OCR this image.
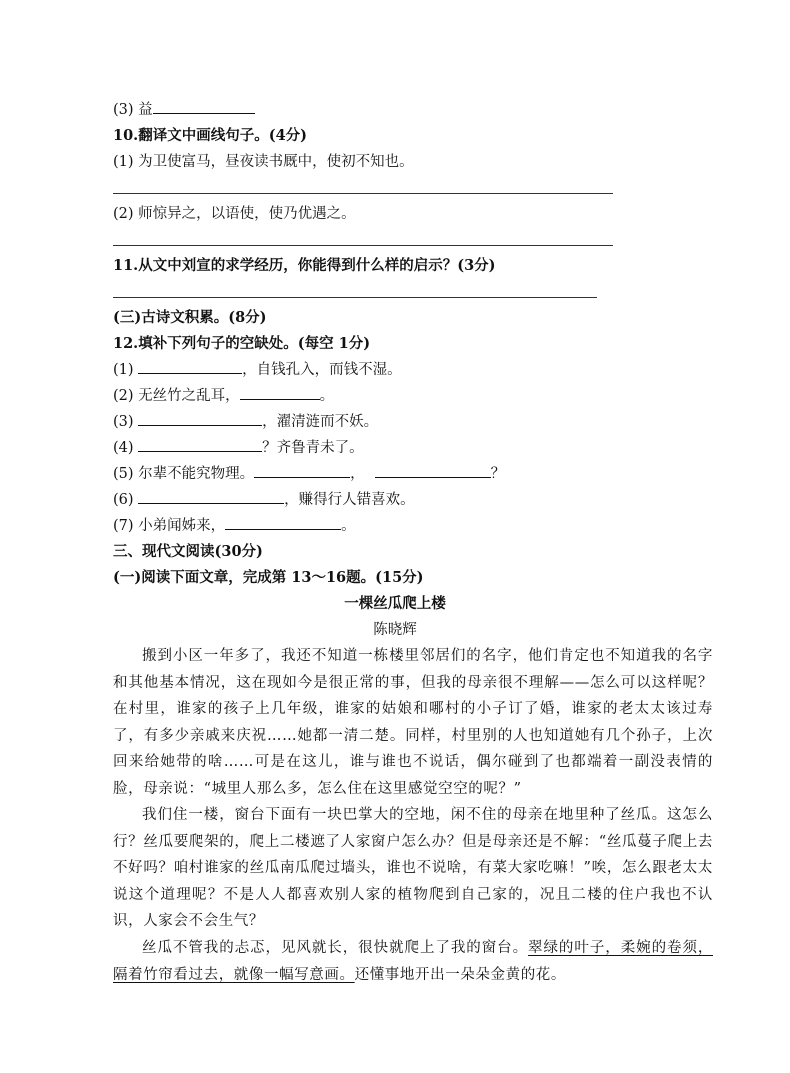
(3) 益
10.翻译文中画线句子。(4分)
(1) 为卫使富马，昼夜读书厩中，使初不知也。
(2) 师惊异之，以语使，使乃优遇之。
11.从文中刘宣的求学经历，你能得到什么样的启示？(3分)
(三)古诗文积累。(8分)
12.填补下列句子的空缺处。(每空 1分)
(1)	，自钱孔入，而钱不湿。
(2) 无丝竹之乱耳，	。
(3)	，濯清涟而不妖。
(4)	？齐鲁青未了。
(5) 尔辈不能究物理。	，	？
(6)	，赚得行人错喜欢。
(7) 小弟闻姊来，	。
三、现代文阅读(30分)
(一)阅读下面文章，完成第 13～16题。(15分)
一棵丝瓜爬上楼
陈晓辉
搬到小区一年多了，我还不知道一栋楼里邻居们的名字，他们肯定也不知道我的名字和其他基本情况，这在现如今是很正常的事，但我的母亲很不理解——怎么可以这样呢？在村里，谁家的孩子上几年级，谁家的姑娘和哪村的小子订了婚，谁家的老太太该过寿了，有多少亲戚来庆祝……她都一清二楚。同样，村里别的人也知道她有几个孙子，上次回来给她带的啥……可是在这儿，谁与谁也不说话，偶尔碰到了也都端着一副没表情的脸，母亲说：“城里人那么多，怎么住在这里感觉空空的呢？”
我们住一楼，窗台下面有一块巴掌大的空地，闲不住的母亲在地里种了丝瓜。这怎么行？丝瓜要爬架的，爬上二楼遮了人家窗户怎么办？但是母亲还是不解：“丝瓜蔓子爬上去不好吗？咱村谁家的丝瓜南瓜爬过墙头，谁也不说啥，有菜大家吃嘛！”唉，怎么跟老太太说这个道理呢？不是人人都喜欢别人家的植物爬到自己家的，况且二楼的住户我也不认识，人家会不会生气？
丝瓜不管我的忐忑，见风就长，很快就爬上了我的窗台。翠绿的叶子，柔婉的卷须，隔着竹帘看过去，就像一幅写意画。还懂事地开出一朵朵金黄的花。
